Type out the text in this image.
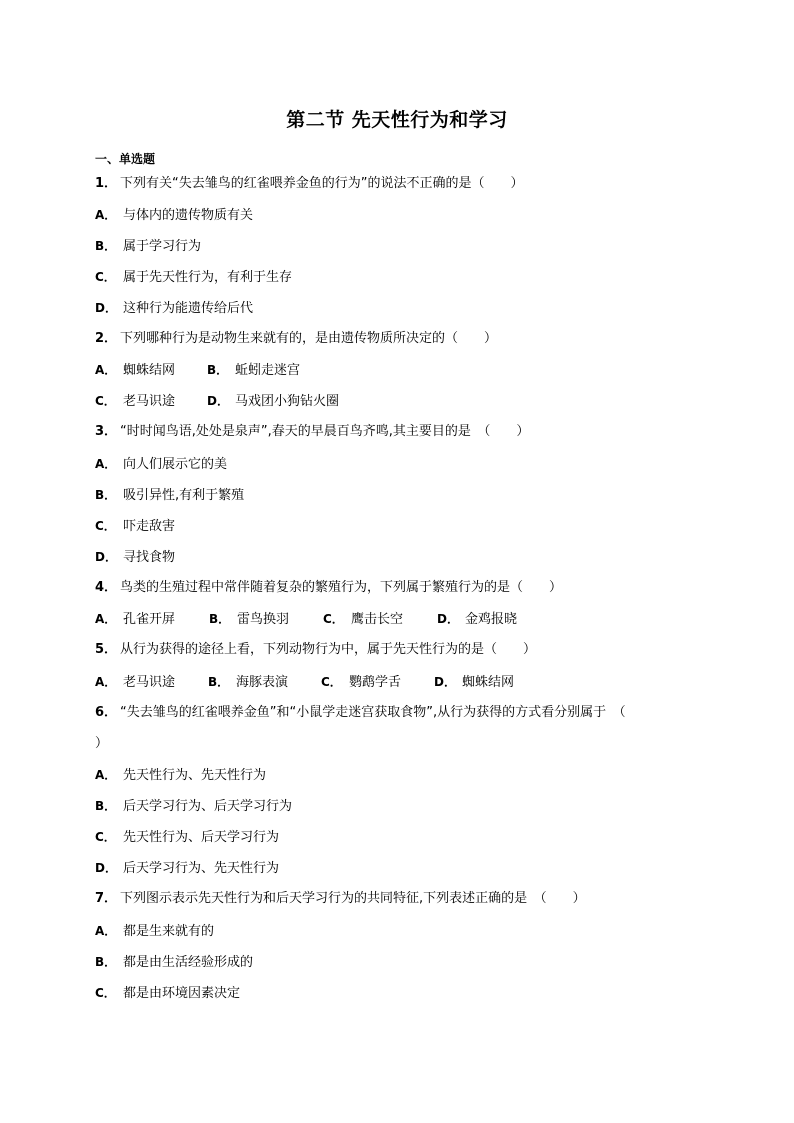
第二节 先天性行为和学习
一、单选题
1． 下列有关“失去雏鸟的红雀喂养金鱼的行为”的说法不正确的是（　　）
A． 与体内的遗传物质有关
B． 属于学习行为
C． 属于先天性行为，有利于生存
D． 这种行为能遗传给后代
2． 下列哪种行为是动物生来就有的，是由遗传物质所决定的（　　）
A． 蜘蛛结网	B． 蚯蚓走迷宫
C． 老马识途	D． 马戏团小狗钻火圈
3． “时时闻鸟语,处处是泉声”,春天的早晨百鸟齐鸣,其主要目的是　（　　）
A． 向人们展示它的美
B． 吸引异性,有利于繁殖
C． 吓走敌害
D． 寻找食物
4． 鸟类的生殖过程中常伴随着复杂的繁殖行为，下列属于繁殖行为的是（　　）
A． 孔雀开屏	B． 雷鸟换羽	C． 鹰击长空	D． 金鸡报晓
5． 从行为获得的途径上看，下列动物行为中，属于先天性行为的是（　　）
A． 老马识途	B． 海豚表演	C． 鹦鹉学舌	D． 蜘蛛结网
6． “失去雏鸟的红雀喂养金鱼”和“小鼠学走迷宫获取食物”,从行为获得的方式看分别属于　（
）
A． 先天性行为、先天性行为
B． 后天学习行为、后天学习行为
C． 先天性行为、后天学习行为
D． 后天学习行为、先天性行为
7． 下列图示表示先天性行为和后天学习行为的共同特征,下列表述正确的是　（　　）
A． 都是生来就有的
B． 都是由生活经验形成的
C． 都是由环境因素决定
